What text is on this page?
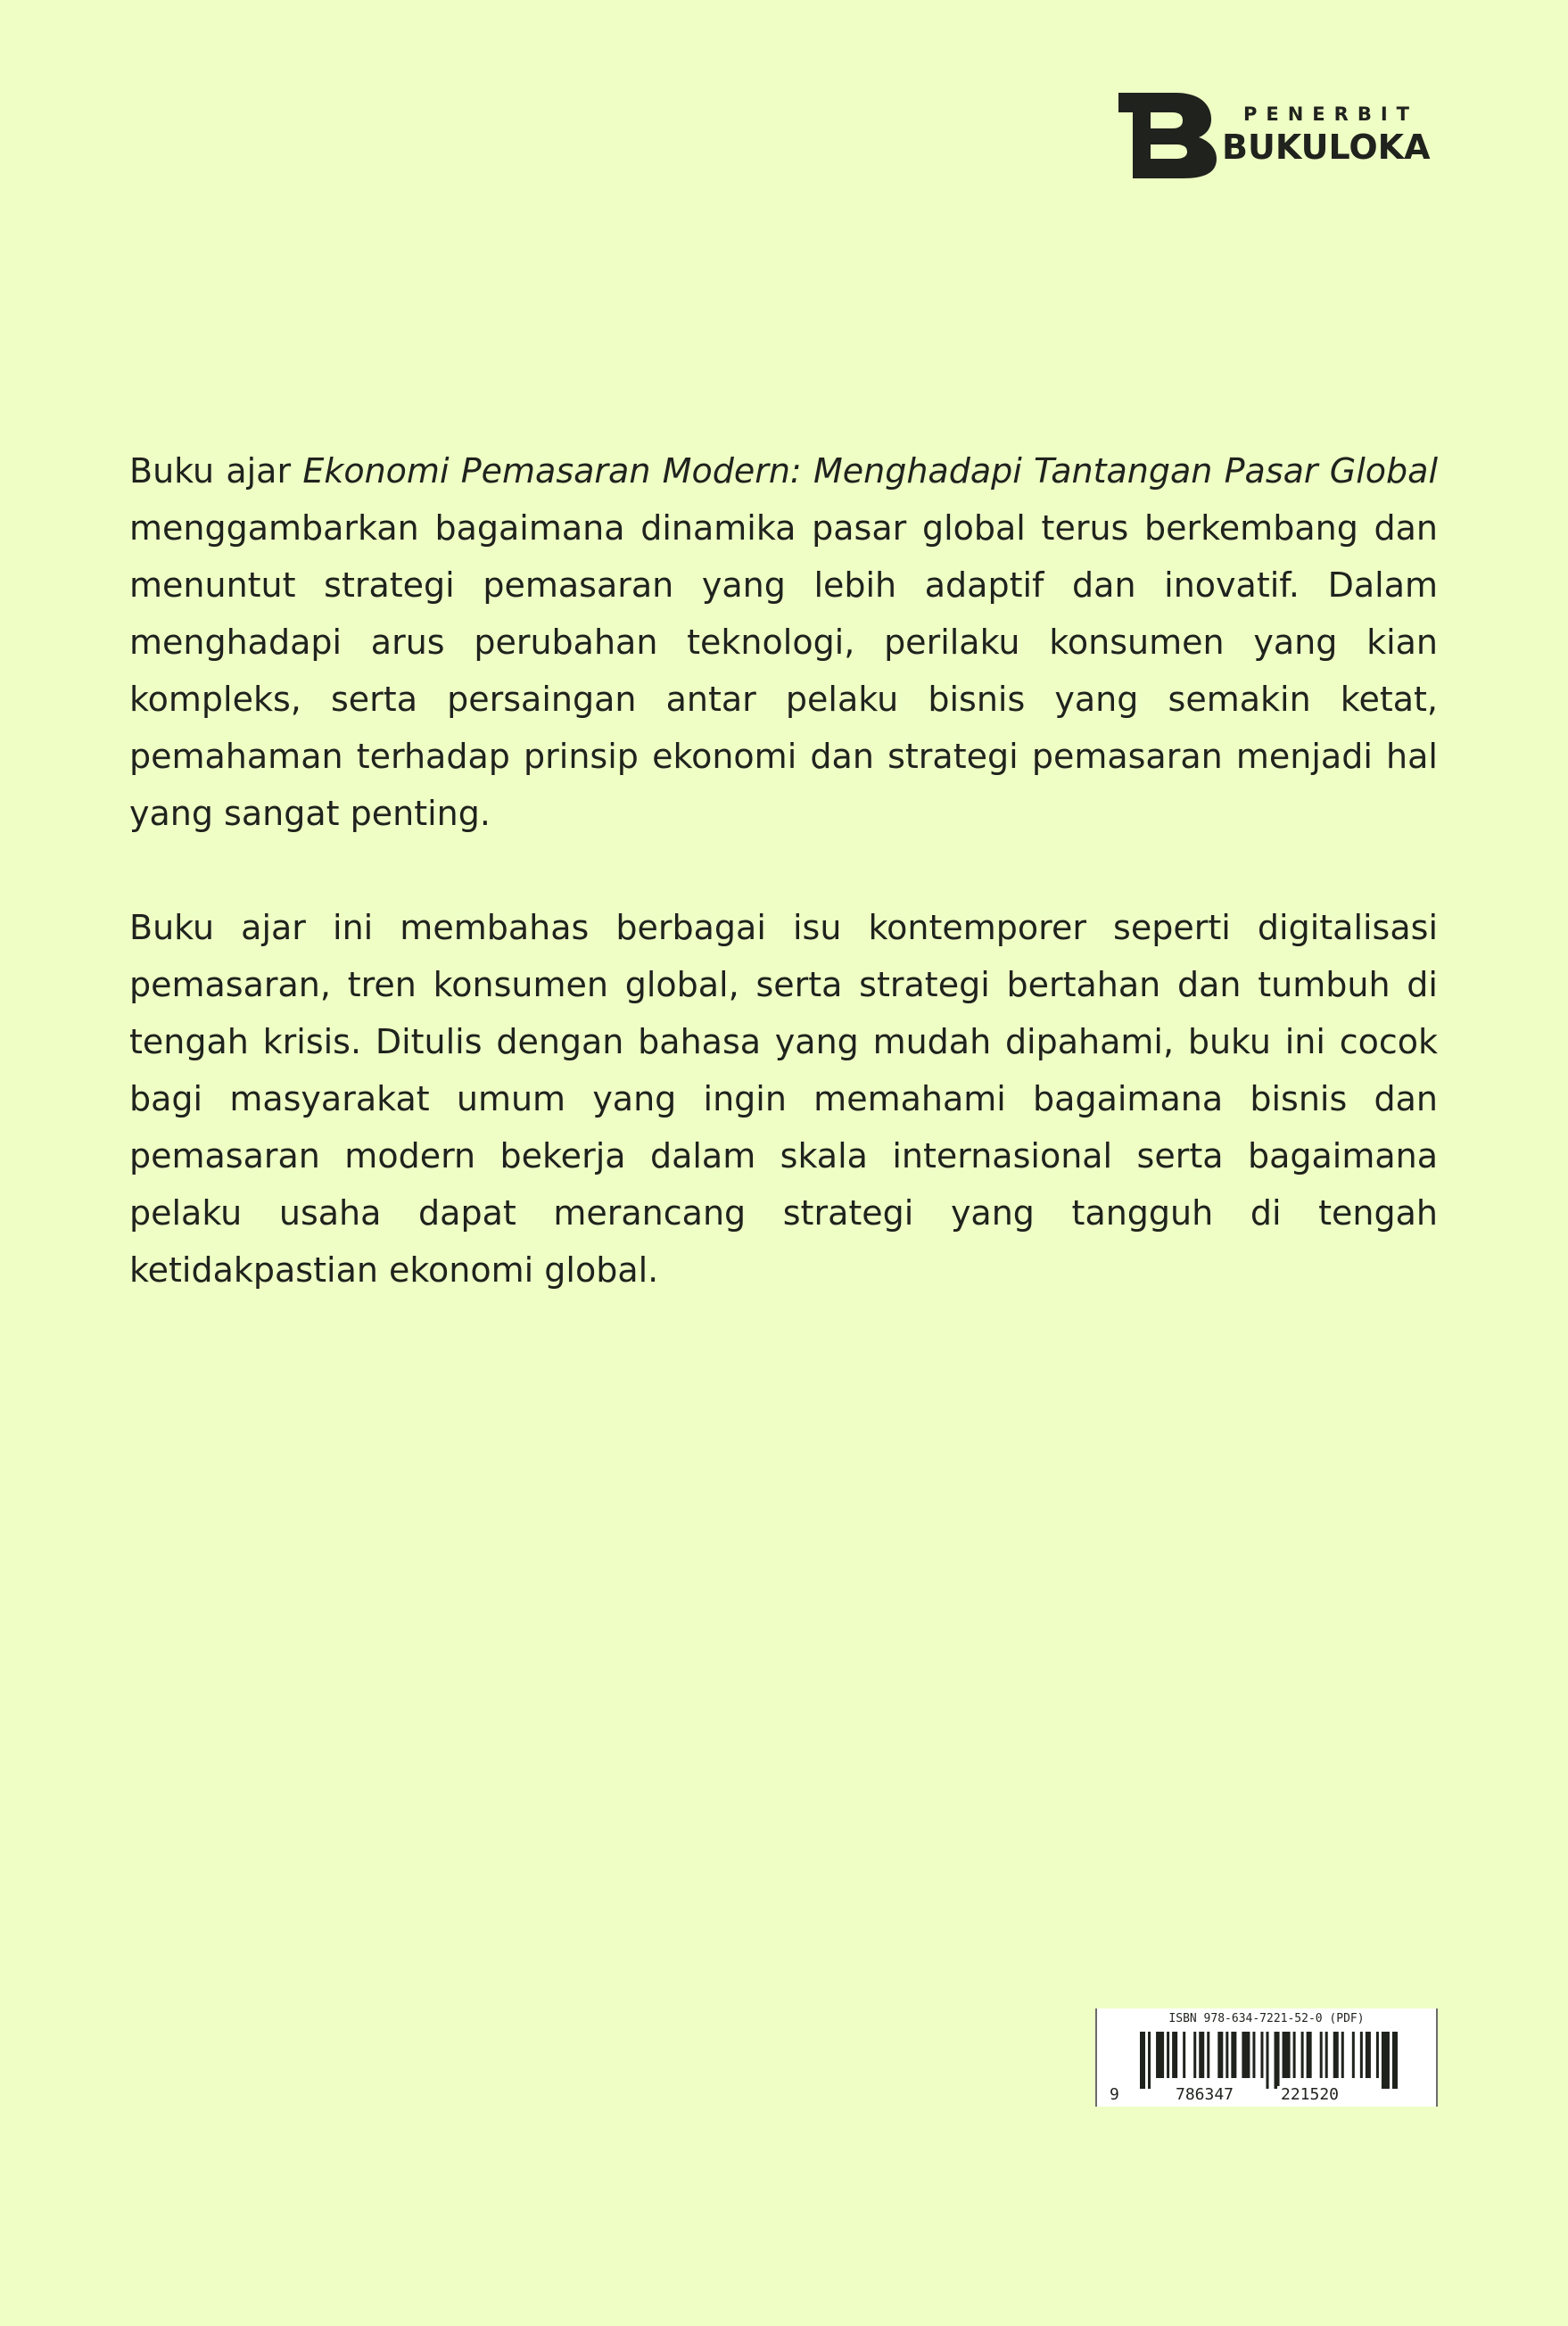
PENERBIT
BUKULOKA

Buku ajar Ekonomi Pemasaran Modern: Menghadapi Tantangan Pasar Global menggambarkan bagaimana dinamika pasar global terus berkembang dan menuntut strategi pemasaran yang lebih adaptif dan inovatif. Dalam menghadapi arus perubahan teknologi, perilaku konsumen yang kian kompleks, serta persaingan antar pelaku bisnis yang semakin ketat, pemahaman terhadap prinsip ekonomi dan strategi pemasaran menjadi hal yang sangat penting.

Buku ajar ini membahas berbagai isu kontemporer seperti digitalisasi pemasaran, tren konsumen global, serta strategi bertahan dan tumbuh di tengah krisis. Ditulis dengan bahasa yang mudah dipahami, buku ini cocok bagi masyarakat umum yang ingin memahami bagaimana bisnis dan pemasaran modern bekerja dalam skala internasional serta bagaimana pelaku usaha dapat merancang strategi yang tangguh di tengah ketidakpastian ekonomi global.

ISBN 978-634-7221-52-0 (PDF)
9	786347	221520
